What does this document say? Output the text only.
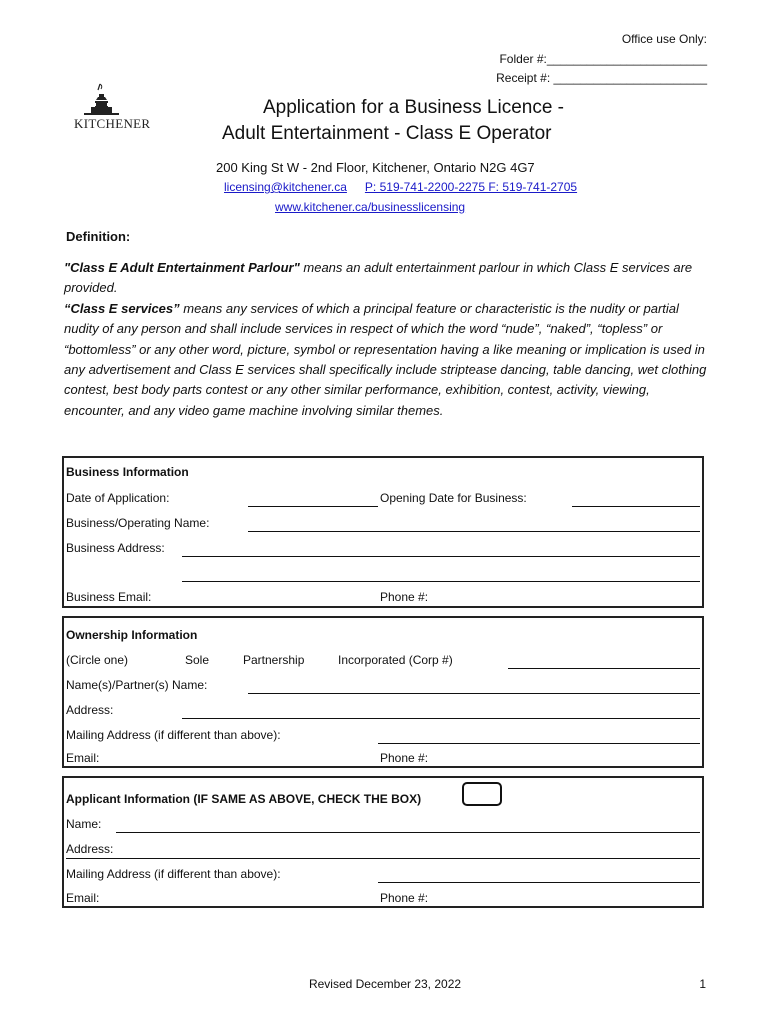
Office use Only:
Folder #:________________________
Receipt #: _______________________
KITCHENER
Application for a Business Licence -
Adult Entertainment - Class E Operator
200 King St W - 2nd Floor, Kitchener, Ontario N2G 4G7
licensing@kitchener.ca P: 519-741-2200-2275 F: 519-741-2705
www.kitchener.ca/businesslicensing
Definition:
"Class E Adult Entertainment Parlour" means an adult entertainment parlour in which Class E services are provided.
“Class E services” means any services of which a principal feature or characteristic is the nudity or partial nudity of any person and shall include services in respect of which the word “nude”, “naked”, “topless” or “bottomless” or any other word, picture, symbol or representation having a like meaning or implication is used in any advertisement and Class E services shall specifically include striptease dancing, table dancing, wet clothing contest, best body parts contest or any other similar performance, exhibition, contest, activity, viewing, encounter, and any video game machine involving similar themes.
Business Information
Date of Application:	Opening Date for Business:
Business/Operating Name:
Business Address:
Business Email:	Phone #:
Ownership Information
(Circle one)	Sole	Partnership	Incorporated (Corp #)
Name(s)/Partner(s) Name:
Address:
Mailing Address (if different than above):
Email:	Phone #:
Applicant Information (IF SAME AS ABOVE, CHECK THE BOX)
Name:
Address:
Mailing Address (if different than above):
Email:	Phone #:
Revised December 23, 2022	1
